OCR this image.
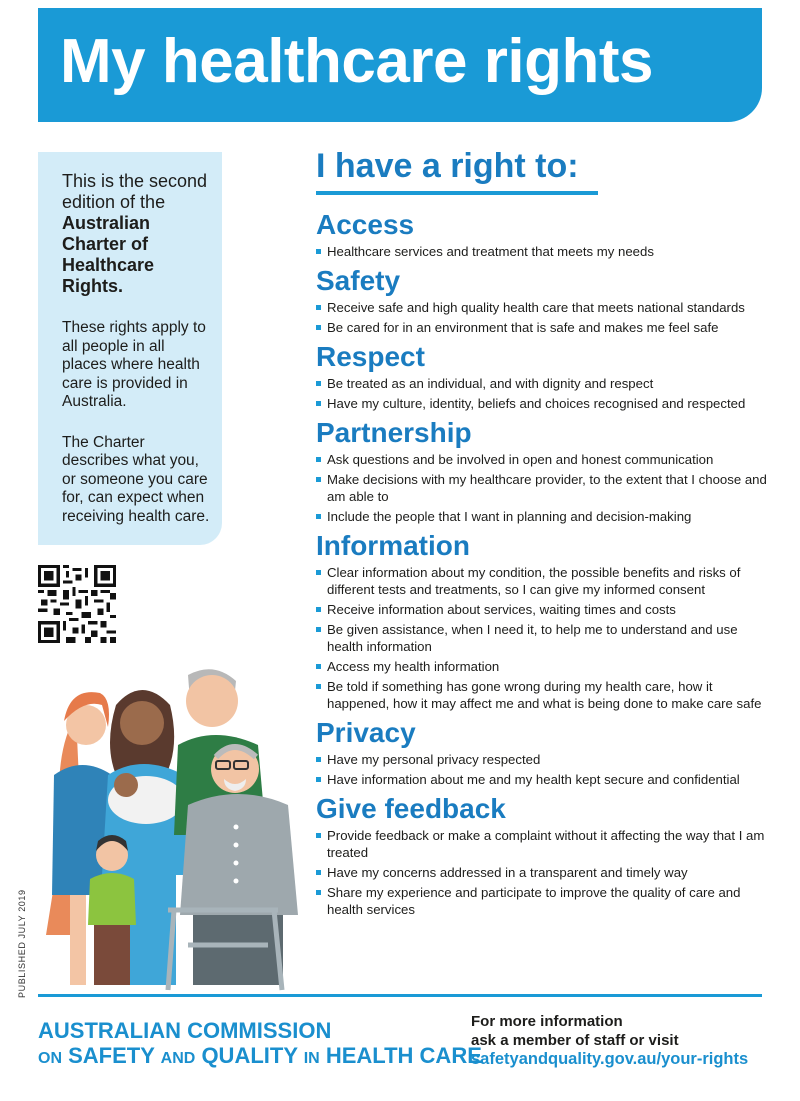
My healthcare rights
This is the second edition of the
Australian Charter of Healthcare Rights.

These rights apply to all people in all places where health care is provided in Australia.

The Charter describes what you, or someone you care for, can expect when receiving health care.

PUBLISHED JULY 2019
I have a right to:
Access
Healthcare services and treatment that meets my needs
Safety
Receive safe and high quality health care that meets national standards
Be cared for in an environment that is safe and makes me feel safe
Respect
Be treated as an individual, and with dignity and respect
Have my culture, identity, beliefs and choices recognised and respected
Partnership
Ask questions and be involved in open and honest communication
Make decisions with my healthcare provider, to the extent that I choose and am able to
Include the people that I want in planning and decision-making
Information
Clear information about my condition, the possible benefits and risks of different tests and treatments, so I can give my informed consent
Receive information about services, waiting times and costs
Be given assistance, when I need it, to help me to understand and use health information
Access my health information
Be told if something has gone wrong during my health care, how it happened, how it may affect me and what is being done to make care safe
Privacy
Have my personal privacy respected
Have information about me and my health kept secure and confidential
Give feedback
Provide feedback or make a complaint without it affecting the way that I am treated
Have my concerns addressed in a transparent and timely way
Share my experience and participate to improve the quality of care and health services
AUSTRALIAN COMMISSION
ON SAFETY AND QUALITY IN HEALTH CARE
For more information
ask a member of staff or visit
safetyandquality.gov.au/your-rights
